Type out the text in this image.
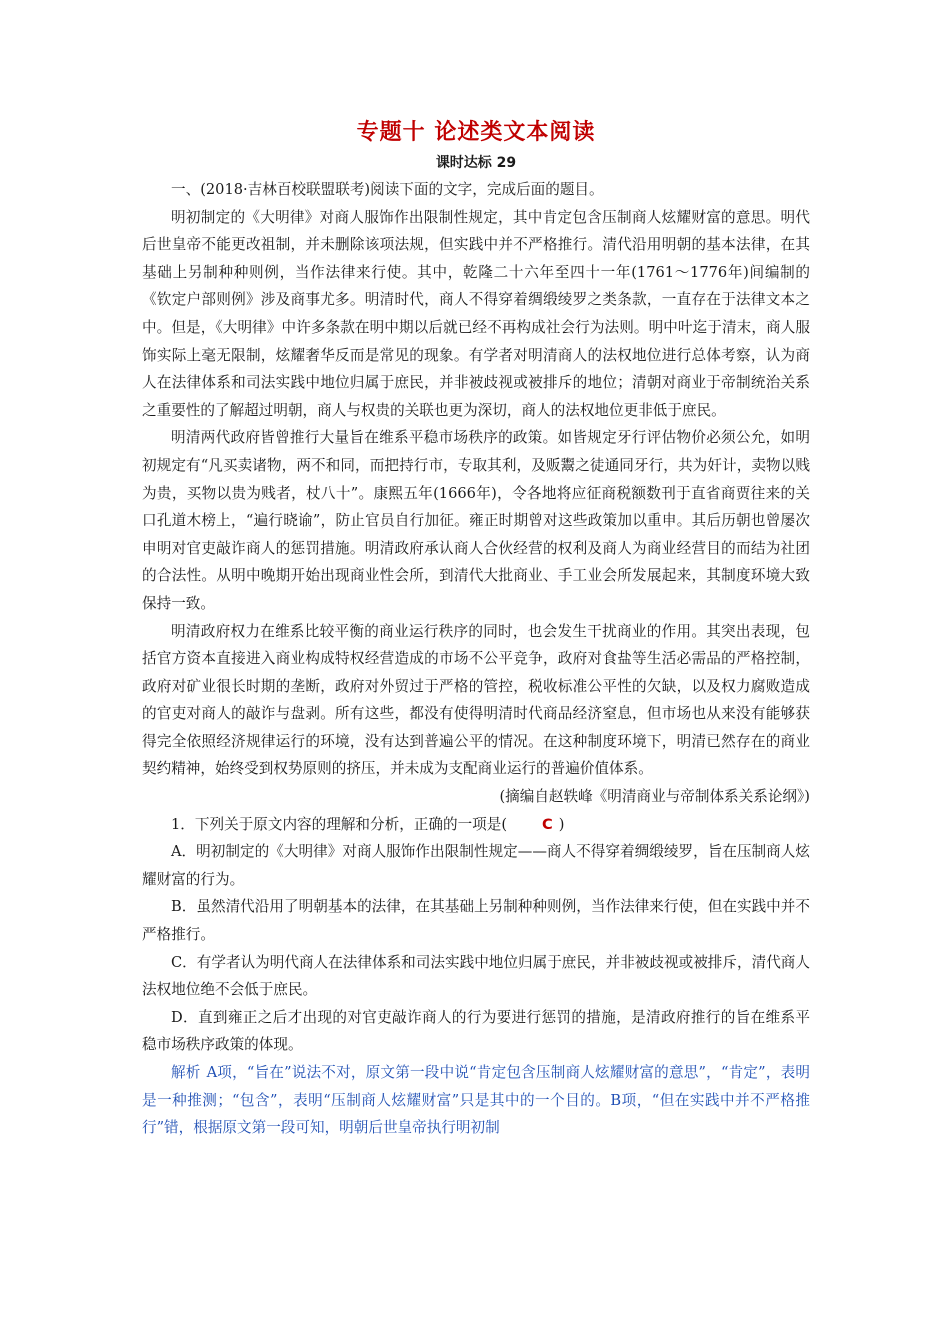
专题十 论述类文本阅读
课时达标 29

一、(2018·吉林百校联盟联考)阅读下面的文字，完成后面的题目。

明初制定的《大明律》对商人服饰作出限制性规定，其中肯定包含压制商人炫耀财富的意思。明代后世皇帝不能更改祖制，并未删除该项法规，但实践中并不严格推行。清代沿用明朝的基本法律，在其基础上另制种种则例，当作法律来行使。其中，乾隆二十六年至四十一年(1761～1776年)间编制的《钦定户部则例》涉及商事尤多。明清时代，商人不得穿着绸缎绫罗之类条款，一直存在于法律文本之中。但是，《大明律》中许多条款在明中期以后就已经不再构成社会行为法则。明中叶迄于清末，商人服饰实际上毫无限制，炫耀奢华反而是常见的现象。有学者对明清商人的法权地位进行总体考察，认为商人在法律体系和司法实践中地位归属于庶民，并非被歧视或被排斥的地位；清朝对商业于帝制统治关系之重要性的了解超过明朝，商人与权贵的关联也更为深切，商人的法权地位更非低于庶民。

明清两代政府皆曾推行大量旨在维系平稳市场秩序的政策。如皆规定牙行评估物价必须公允，如明初规定有“凡买卖诸物，两不和同，而把持行市，专取其利，及贩鬻之徒通同牙行，共为奸计，卖物以贱为贵，买物以贵为贱者，杖八十”。康熙五年(1666年)，令各地将应征商税额数刊于直省商贾往来的关口孔道木榜上，“遍行晓谕”，防止官员自行加征。雍正时期曾对这些政策加以重申。其后历朝也曾屡次申明对官吏敲诈商人的惩罚措施。明清政府承认商人合伙经营的权利及商人为商业经营目的而结为社团的合法性。从明中晚期开始出现商业性会所，到清代大批商业、手工业会所发展起来，其制度环境大致保持一致。

明清政府权力在维系比较平衡的商业运行秩序的同时，也会发生干扰商业的作用。其突出表现，包括官方资本直接进入商业构成特权经营造成的市场不公平竞争，政府对食盐等生活必需品的严格控制，政府对矿业很长时期的垄断，政府对外贸过于严格的管控，税收标准公平性的欠缺，以及权力腐败造成的官吏对商人的敲诈与盘剥。所有这些，都没有使得明清时代商品经济窒息，但市场也从来没有能够获得完全依照经济规律运行的环境，没有达到普遍公平的情况。在这种制度环境下，明清已然存在的商业契约精神，始终受到权势原则的挤压，并未成为支配商业运行的普遍价值体系。

(摘编自赵轶峰《明清商业与帝制体系关系论纲》)

1．下列关于原文内容的理解和分析，正确的一项是( C )

A．明初制定的《大明律》对商人服饰作出限制性规定——商人不得穿着绸缎绫罗，旨在压制商人炫耀财富的行为。

B．虽然清代沿用了明朝基本的法律，在其基础上另制种种则例，当作法律来行使，但在实践中并不严格推行。

C．有学者认为明代商人在法律体系和司法实践中地位归属于庶民，并非被歧视或被排斥，清代商人法权地位绝不会低于庶民。

D．直到雍正之后才出现的对官吏敲诈商人的行为要进行惩罚的措施，是清政府推行的旨在维系平稳市场秩序政策的体现。

解析 A项，“旨在”说法不对，原文第一段中说“肯定包含压制商人炫耀财富的意思”，“肯定”，表明是一种推测；“包含”，表明“压制商人炫耀财富”只是其中的一个目的。B项，“但在实践中并不严格推行”错，根据原文第一段可知，明朝后世皇帝执行明初制
